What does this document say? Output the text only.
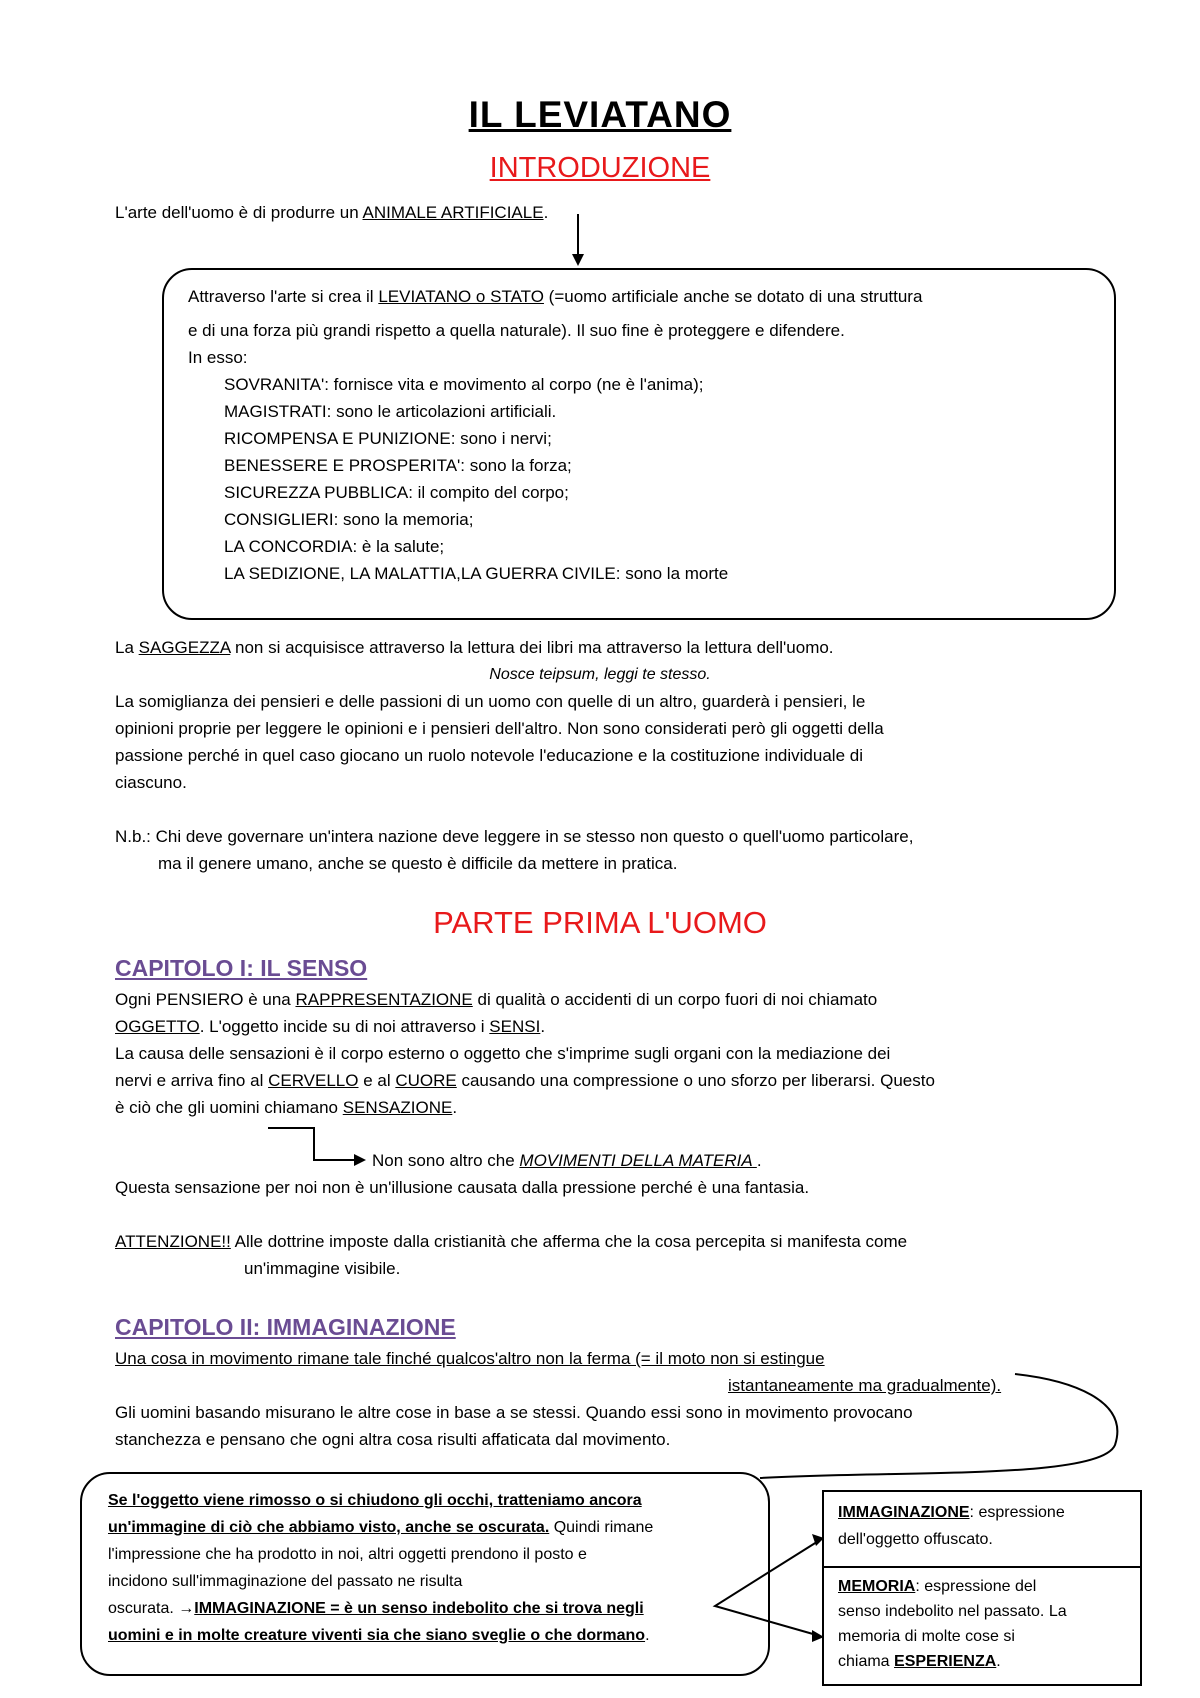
IL LEVIATANO
INTRODUZIONE
L'arte dell'uomo è di produrre un ANIMALE ARTIFICIALE.
Attraverso l'arte si crea il LEVIATANO o STATO (=uomo artificiale anche se dotato di una struttura
e di una forza più grandi rispetto a quella naturale). Il suo fine è proteggere e difendere.
In esso:
SOVRANITA': fornisce vita e movimento al corpo (ne è l'anima);
MAGISTRATI: sono le articolazioni artificiali.
RICOMPENSA E PUNIZIONE: sono i nervi;
BENESSERE E PROSPERITA': sono la forza;
SICUREZZA PUBBLICA: il compito del corpo;
CONSIGLIERI: sono la memoria;
LA CONCORDIA: è la salute;
LA SEDIZIONE, LA MALATTIA,LA GUERRA CIVILE: sono la morte
La SAGGEZZA non si acquisisce attraverso la lettura dei libri ma attraverso la lettura dell'uomo.
Nosce teipsum, leggi te stesso.
La somiglianza dei pensieri e delle passioni di un uomo con quelle di un altro, guarderà i pensieri, le
opinioni proprie per leggere le opinioni e i pensieri dell'altro. Non sono considerati però gli oggetti della
passione perché in quel caso giocano un ruolo notevole l'educazione e la costituzione individuale di
ciascuno.
N.b.: Chi deve governare un'intera nazione deve leggere in se stesso non questo o quell'uomo particolare,
ma il genere umano, anche se questo è difficile da mettere in pratica.
PARTE PRIMA L'UOMO
CAPITOLO I: IL SENSO
Ogni PENSIERO è una RAPPRESENTAZIONE di qualità o accidenti di un corpo fuori di noi chiamato
OGGETTO. L'oggetto incide su di noi attraverso i SENSI.
La causa delle sensazioni è il corpo esterno o oggetto che s'imprime sugli organi con la mediazione dei
nervi e arriva fino al CERVELLO e al CUORE causando una compressione o uno sforzo per liberarsi. Questo
è ciò che gli uomini chiamano SENSAZIONE.
Non sono altro che MOVIMENTI DELLA MATERIA .
Questa sensazione per noi non è un'illusione causata dalla pressione perché è una fantasia.
ATTENZIONE!! Alle dottrine imposte dalla cristianità che afferma che la cosa percepita si manifesta come
un'immagine visibile.
CAPITOLO II: IMMAGINAZIONE
Una cosa in movimento rimane tale finché qualcos'altro non la ferma (= il moto non si estingue
istantaneamente ma gradualmente).
Gli uomini basando misurano le altre cose in base a se stessi. Quando essi sono in movimento provocano
stanchezza e pensano che ogni altra cosa risulti affaticata dal movimento.
Se l'oggetto viene rimosso o si chiudono gli occhi, tratteniamo ancora
un'immagine di ciò che abbiamo visto, anche se oscurata. Quindi rimane
l'impressione che ha prodotto in noi, altri oggetti prendono il posto e
incidono sull'immaginazione del passato ne risulta
oscurata. →IMMAGINAZIONE = è un senso indebolito che si trova negli
uomini e in molte creature viventi sia che siano sveglie o che dormano.
IMMAGINAZIONE: espressione
dell'oggetto offuscato.
MEMORIA: espressione del
senso indebolito nel passato. La
memoria di molte cose si
chiama ESPERIENZA.
